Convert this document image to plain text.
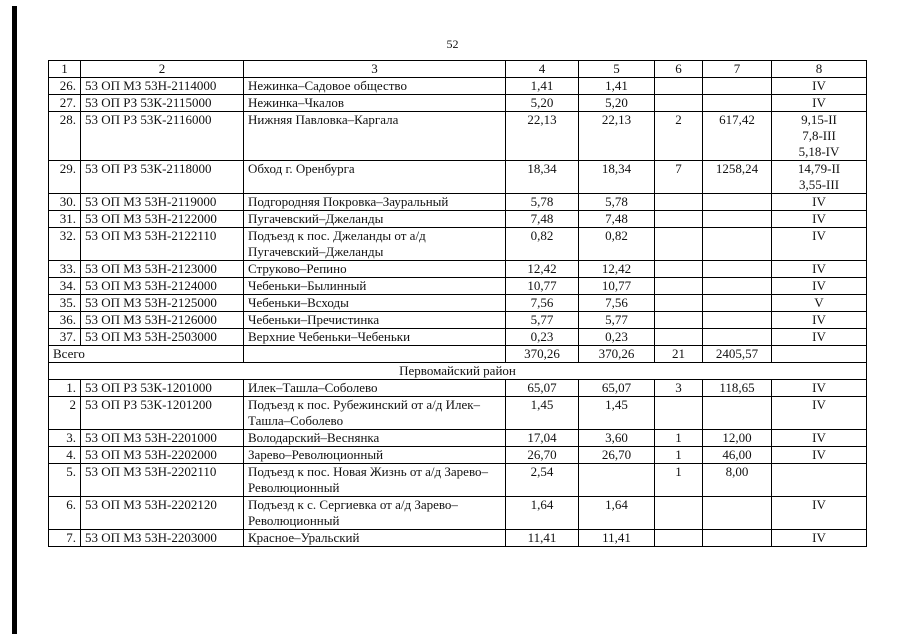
52
1	2	3	4	5	6	7	8
26.	53 ОП МЗ 53Н-2114000	Нежинка–Садовое общество	1,41	1,41			IV
27.	53 ОП РЗ 53К-2115000	Нежинка–Чкалов	5,20	5,20			IV
28.	53 ОП РЗ 53К-2116000	Нижняя Павловка–Каргала	22,13	22,13	2	617,42	9,15-II
7,8-III
5,18-IV
29.	53 ОП РЗ 53К-2118000	Обход г. Оренбурга	18,34	18,34	7	1258,24	14,79-II
3,55-III
30.	53 ОП МЗ 53Н-2119000	Подгородняя Покровка–Зауральный	5,78	5,78			IV
31.	53 ОП МЗ 53Н-2122000	Пугачевский–Джеланды	7,48	7,48			IV
32.	53 ОП МЗ 53Н-2122110	Подъезд к пос. Джеланды от а/д Пугачевский–Джеланды	0,82	0,82			IV
33.	53 ОП МЗ 53Н-2123000	Струково–Репино	12,42	12,42			IV
34.	53 ОП МЗ 53Н-2124000	Чебеньки–Былинный	10,77	10,77			IV
35.	53 ОП МЗ 53Н-2125000	Чебеньки–Всходы	7,56	7,56			V
36.	53 ОП МЗ 53Н-2126000	Чебеньки–Пречистинка	5,77	5,77			IV
37.	53 ОП МЗ 53Н-2503000	Верхние Чебеньки–Чебеньки	0,23	0,23			IV
Всего			370,26	370,26	21	2405,57	
Первомайский район							
1.	53 ОП РЗ 53К-1201000	Илек–Ташла–Соболево	65,07	65,07	3	118,65	IV
2	53 ОП РЗ 53К-1201200	Подъезд к пос. Рубежинский от а/д Илек–Ташла–Соболево	1,45	1,45			IV
3.	53 ОП МЗ 53Н-2201000	Володарский–Веснянка	17,04	3,60	1	12,00	IV
4.	53 ОП МЗ 53Н-2202000	Зарево–Революционный	26,70	26,70	1	46,00	IV
5.	53 ОП МЗ 53Н-2202110	Подъезд к пос. Новая Жизнь от а/д Зарево–Революционный	2,54		1	8,00	
6.	53 ОП МЗ 53Н-2202120	Подъезд к с. Сергиевка от а/д Зарево–Революционный	1,64	1,64			IV
7.	53 ОП МЗ 53Н-2203000	Красное–Уральский	11,41	11,41			IV
